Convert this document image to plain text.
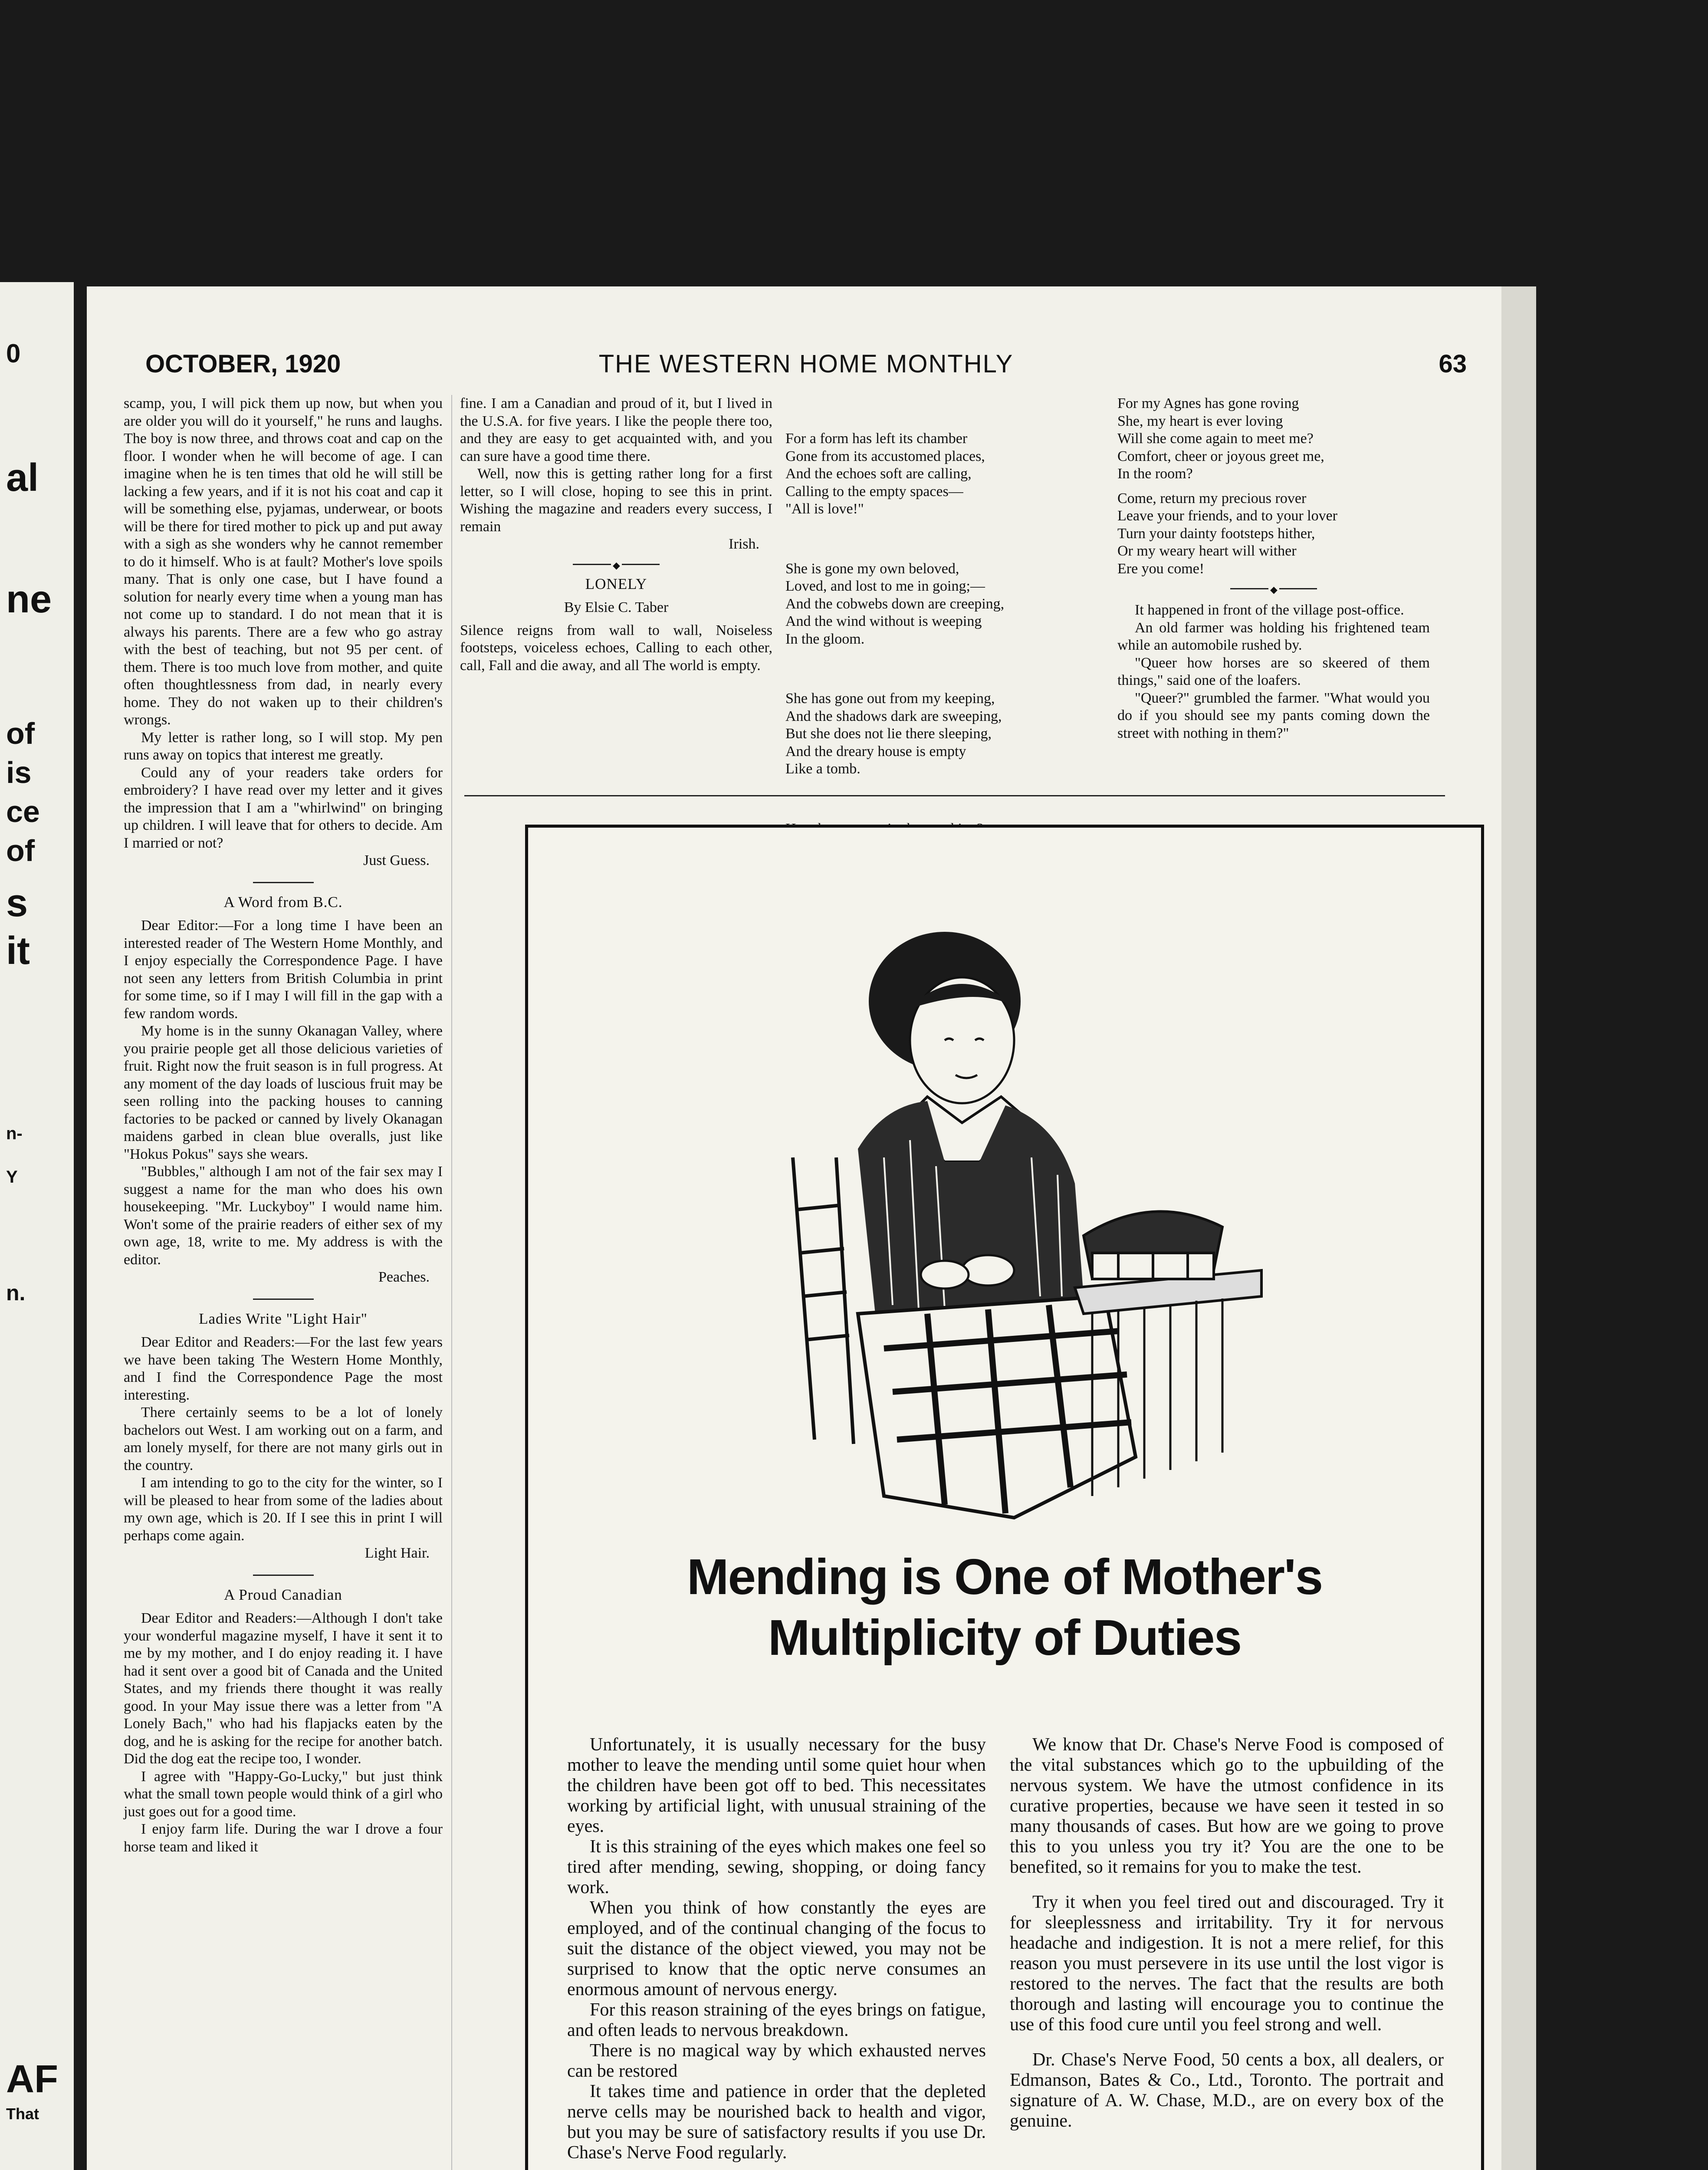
0
al
ne
of
is
ce
of
s
it
n-
Y
n.
AF
That
OCTOBER, 1920	THE WESTERN HOME MONTHLY	63

scamp, you, I will pick them up now, but when you are older you will do it yourself," he runs and laughs. The boy is now three, and throws coat and cap on the floor. I wonder when he will become of age. I can imagine when he is ten times that old he will still be lacking a few years, and if it is not his coat and cap it will be something else, pyjamas, underwear, or boots will be there for tired mother to pick up and put away with a sigh as she wonders why he cannot remember to do it himself. Who is at fault? Mother's love spoils many. That is only one case, but I have found a solution for nearly every time when a young man has not come up to standard. I do not mean that it is always his parents. There are a few who go astray with the best of teaching, but not 95 per cent. of them. There is too much love from mother, and quite often thoughtlessness from dad, in nearly every home. They do not waken up to their children's wrongs.

My letter is rather long, so I will stop. My pen runs away on topics that interest me greatly.

Could any of your readers take orders for embroidery? I have read over my letter and it gives the impression that I am a "whirlwind" on bringing up children. I will leave that for others to decide. Am I married or not?

Just Guess.

A Word from B.C.

Dear Editor:—For a long time I have been an interested reader of The Western Home Monthly, and I enjoy especially the Correspondence Page. I have not seen any letters from British Columbia in print for some time, so if I may I will fill in the gap with a few random words.

My home is in the sunny Okanagan Valley, where you prairie people get all those delicious varieties of fruit. Right now the fruit season is in full progress. At any moment of the day loads of luscious fruit may be seen rolling into the packing houses to canning factories to be packed or canned by lively Okanagan maidens garbed in clean blue overalls, just like "Hokus Pokus" says she wears.

"Bubbles," although I am not of the fair sex may I suggest a name for the man who does his own housekeeping. "Mr. Luckyboy" I would name him. Won't some of the prairie readers of either sex of my own age, 18, write to me. My address is with the editor.

Peaches.

Ladies Write "Light Hair"

Dear Editor and Readers:—For the last few years we have been taking The Western Home Monthly, and I find the Correspondence Page the most interesting.

There certainly seems to be a lot of lonely bachelors out West. I am working out on a farm, and am lonely myself, for there are not many girls out in the country.

I am intending to go to the city for the winter, so I will be pleased to hear from some of the ladies about my own age, which is 20. If I see this in print I will perhaps come again.

Light Hair.

A Proud Canadian

Dear Editor and Readers:—Although I don't take your wonderful magazine myself, I have it sent it to me by my mother, and I do enjoy reading it. I have had it sent over a good bit of Canada and the United States, and my friends there thought it was really good. In your May issue there was a letter from "A Lonely Bach," who had his flapjacks eaten by the dog, and he is asking for the recipe for another batch. Did the dog eat the recipe too, I wonder.

I agree with "Happy-Go-Lucky," but just think what the small town people would think of a girl who just goes out for a good time.

I enjoy farm life. During the war I drove a four horse team and liked it

fine. I am a Canadian and proud of it, but I lived in the U.S.A. for five years. I like the people there too, and they are easy to get acquainted with, and you can sure have a good time there.

Well, now this is getting rather long for a first letter, so I will close, hoping to see this in print. Wishing the magazine and readers every success, I remain

Irish.

◆
LONELY
By Elsie C. Taber

Silence reigns from wall to wall, Noiseless footsteps, voiceless echoes, Calling to each other, call, Fall and die away, and all The world is empty.

For a form has left its chamber
Gone from its accustomed places,
And the echoes soft are calling,
Calling to the empty spaces—
"All is love!"

She is gone my own beloved,
Loved, and lost to me in going;—
And the cobwebs down are creeping,
And the wind without is weeping
In the gloom.

She has gone out from my keeping,
And the shadows dark are sweeping,
But she does not lie there sleeping,
And the dreary house is empty
Like a tomb.

For my Agnes has gone roving
She, my heart is ever loving
Will she come again to meet me?
Comfort, cheer or joyous greet me,
In the room?
Come, return my precious rover
Leave your friends, and to your lover
Turn your dainty footsteps hither,
Or my weary heart will wither
Ere you come!
◆

It happened in front of the village post-office.

An old farmer was holding his frightened team while an automobile rushed by.

"Queer how horses are so skeered of them things," said one of the loafers.

"Queer?" grumbled the farmer. "What would you do if you should see my pants coming down the street with nothing in them?"

Mending is One of Mother's
Multiplicity of Duties

Unfortunately, it is usually necessary for the busy mother to leave the mending until some quiet hour when the children have been got off to bed. This necessitates working by artificial light, with unusual straining of the eyes.

It is this straining of the eyes which makes one feel so tired after mending, sewing, shopping, or doing fancy work.

When you think of how constantly the eyes are employed, and of the continual changing of the focus to suit the distance of the object viewed, you may not be surprised to know that the optic nerve consumes an enormous amount of nervous energy.

For this reason straining of the eyes brings on fatigue, and often leads to nervous breakdown.

There is no magical way by which exhausted nerves can be restored

It takes time and patience in order that the depleted nerve cells may be nourished back to health and vigor, but you may be sure of satisfactory results if you use Dr. Chase's Nerve Food regularly.

We know that Dr. Chase's Nerve Food is composed of the vital substances which go to the upbuilding of the nervous system. We have the utmost confidence in its curative properties, because we have seen it tested in so many thousands of cases. But how are we going to prove this to you unless you try it? You are the one to be benefited, so it remains for you to make the test.

Try it when you feel tired out and discouraged. Try it for sleeplessness and irritability. Try it for nervous headache and indigestion. It is not a mere relief, for this reason you must persevere in its use until the lost vigor is restored to the nerves. The fact that the results are both thorough and lasting will encourage you to continue the use of this food cure until you feel strong and well.

Dr. Chase's Nerve Food, 50 cents a box, all dealers, or Edmanson, Bates & Co., Ltd., Toronto. The portrait and signature of A. W. Chase, M.D., are on every box of the genuine.
